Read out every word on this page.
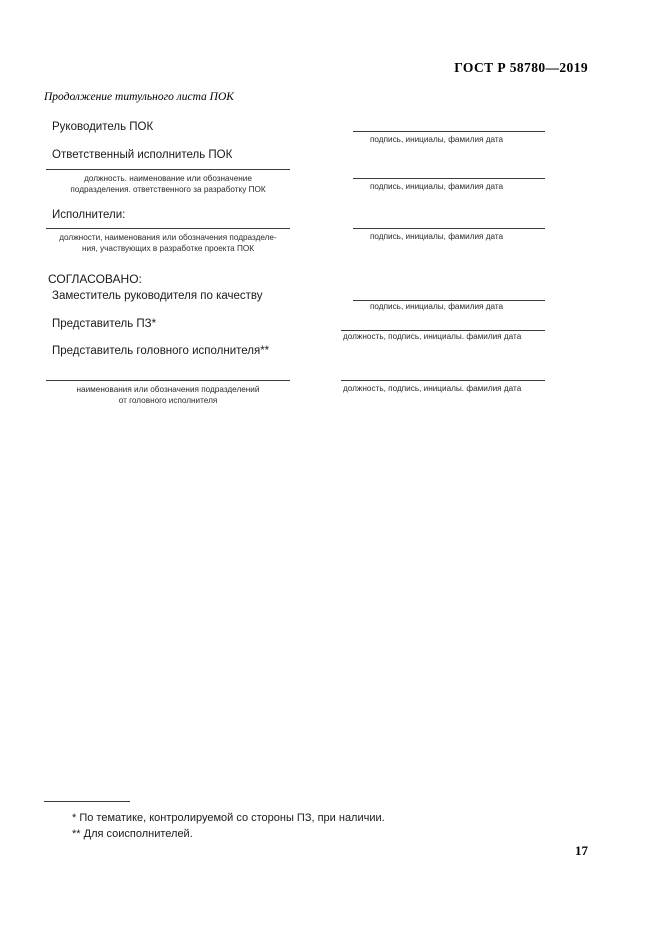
ГОСТ Р 58780—2019
Продолжение титульного листа ПОК
Руководитель ПОК
подпись, инициалы, фамилия дата
Ответственный исполнитель ПОК
должность. наименование или обозначение
подразделения. ответственного за разработку ПОК	подпись, инициалы, фамилия дата
Исполнители:
должности, наименования или обозначения подразделе-
ния, участвующих в разработке проекта ПОК
подпись, инициалы, фамилия дата
СОГЛАСОВАНО:
Заместитель руководителя по качеству
подпись, инициалы, фамилия дата
Представитель ПЗ*
должность, подпись, инициалы. фамилия дата
Представитель головного исполнителя**
наименования или обозначения подразделений
от головного исполнителя
должность, подпись, инициалы. фамилия дата
* По тематике, контролируемой со стороны ПЗ, при наличии.
** Для соисполнителей.
17
